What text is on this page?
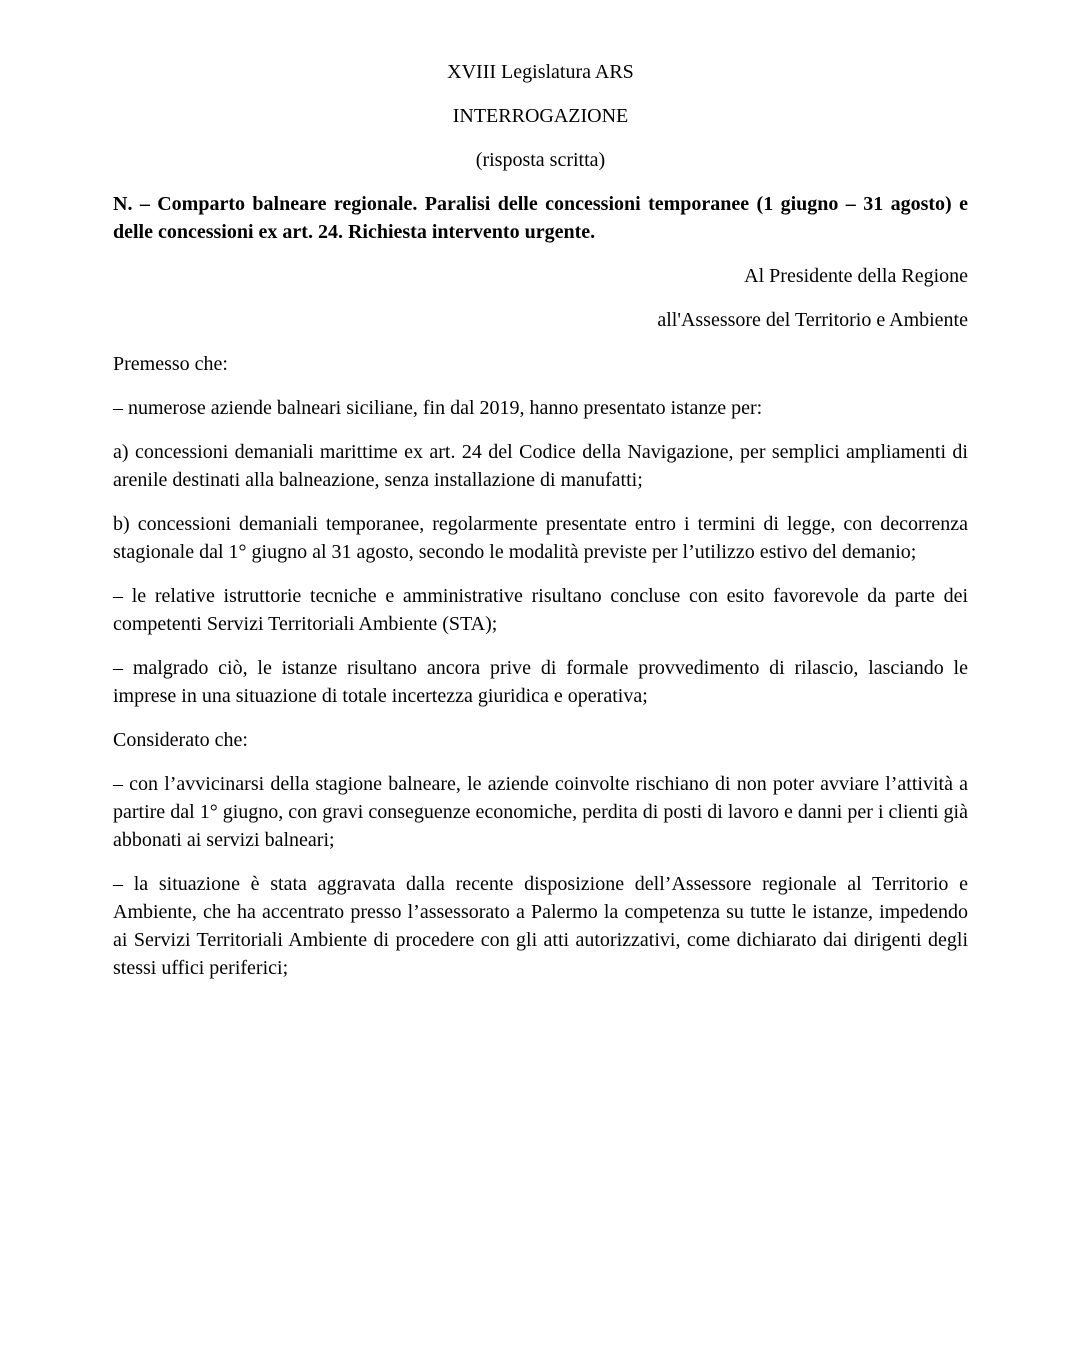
XVIII Legislatura ARS

INTERROGAZIONE

(risposta scritta)

N. – Comparto balneare regionale. Paralisi delle concessioni temporanee (1 giugno – 31 agosto) e delle concessioni ex art. 24. Richiesta intervento urgente.

Al Presidente della Regione

all'Assessore del Territorio e Ambiente

Premesso che:

– numerose aziende balneari siciliane, fin dal 2019, hanno presentato istanze per:

a) concessioni demaniali marittime ex art. 24 del Codice della Navigazione, per semplici ampliamenti di arenile destinati alla balneazione, senza installazione di manufatti;

b) concessioni demaniali temporanee, regolarmente presentate entro i termini di legge, con decorrenza stagionale dal 1° giugno al 31 agosto, secondo le modalità previste per l’utilizzo estivo del demanio;

– le relative istruttorie tecniche e amministrative risultano concluse con esito favorevole da parte dei competenti Servizi Territoriali Ambiente (STA);

– malgrado ciò, le istanze risultano ancora prive di formale provvedimento di rilascio, lasciando le imprese in una situazione di totale incertezza giuridica e operativa;

Considerato che:

– con l’avvicinarsi della stagione balneare, le aziende coinvolte rischiano di non poter avviare l’attività a partire dal 1° giugno, con gravi conseguenze economiche, perdita di posti di lavoro e danni per i clienti già abbonati ai servizi balneari;

– la situazione è stata aggravata dalla recente disposizione dell’Assessore regionale al Territorio e Ambiente, che ha accentrato presso l’assessorato a Palermo la competenza su tutte le istanze, impedendo ai Servizi Territoriali Ambiente di procedere con gli atti autorizzativi, come dichiarato dai dirigenti degli stessi uffici periferici;
